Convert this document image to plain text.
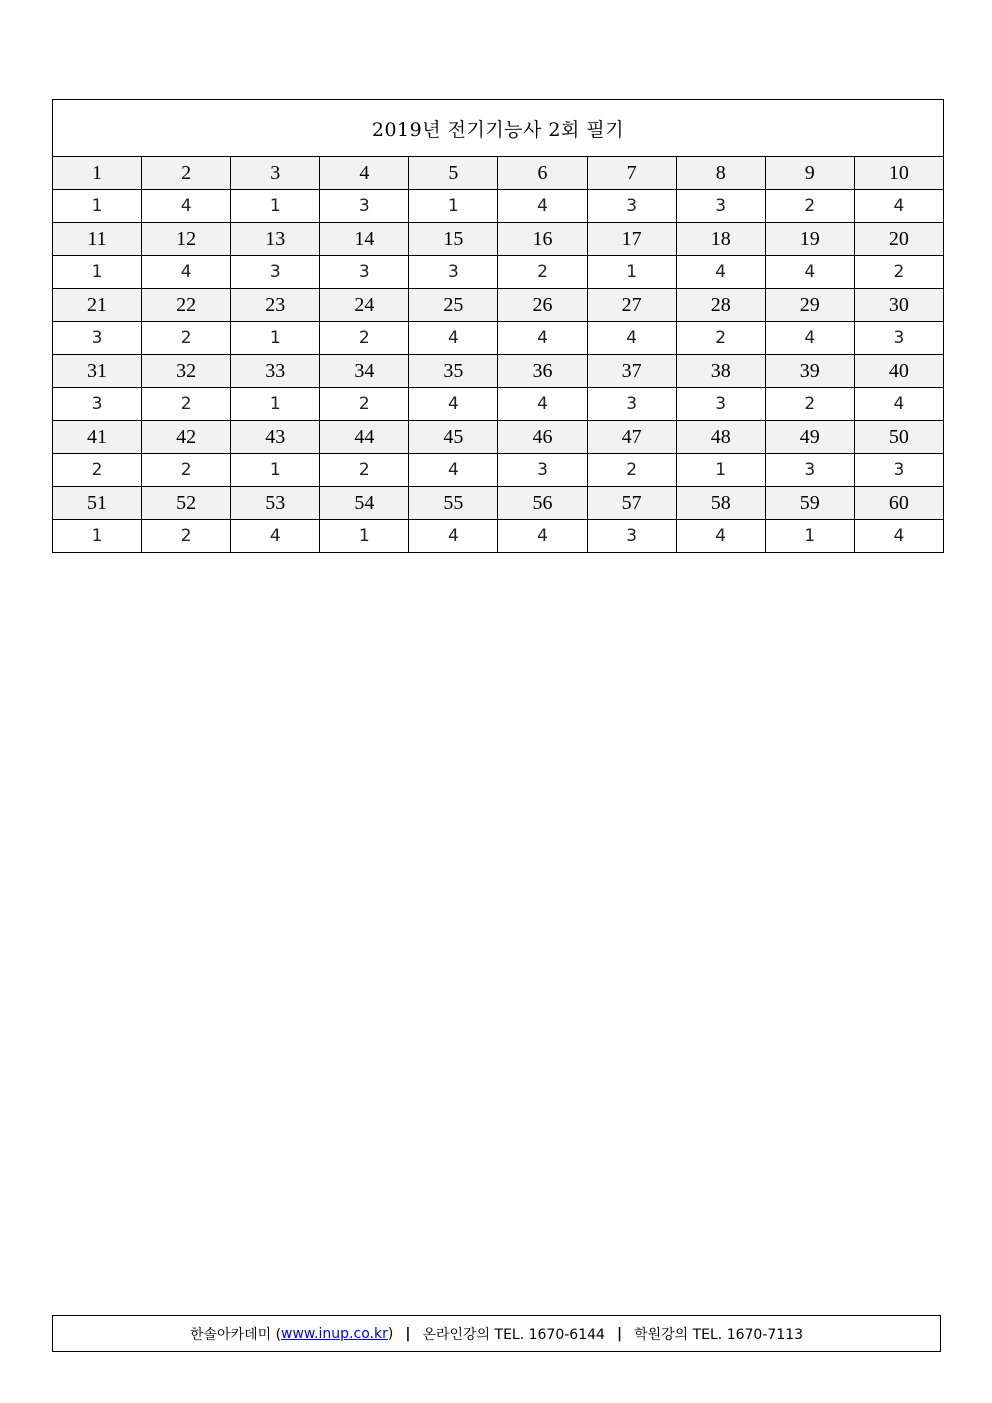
2019년 전기기능사 2회 필기									
1	2	3	4	5	6	7	8	9	10
1	4	1	3	1	4	3	3	2	4
11	12	13	14	15	16	17	18	19	20
1	4	3	3	3	2	1	4	4	2
21	22	23	24	25	26	27	28	29	30
3	2	1	2	4	4	4	2	4	3
31	32	33	34	35	36	37	38	39	40
3	2	1	2	4	4	3	3	2	4
41	42	43	44	45	46	47	48	49	50
2	2	1	2	4	3	2	1	3	3
51	52	53	54	55	56	57	58	59	60
1	2	4	1	4	4	3	4	1	4
한솔아카데미 ( www.inup.co.kr ) | 온라인강의 TEL. 1670-6144 | 학원강의 TEL. 1670-7113
